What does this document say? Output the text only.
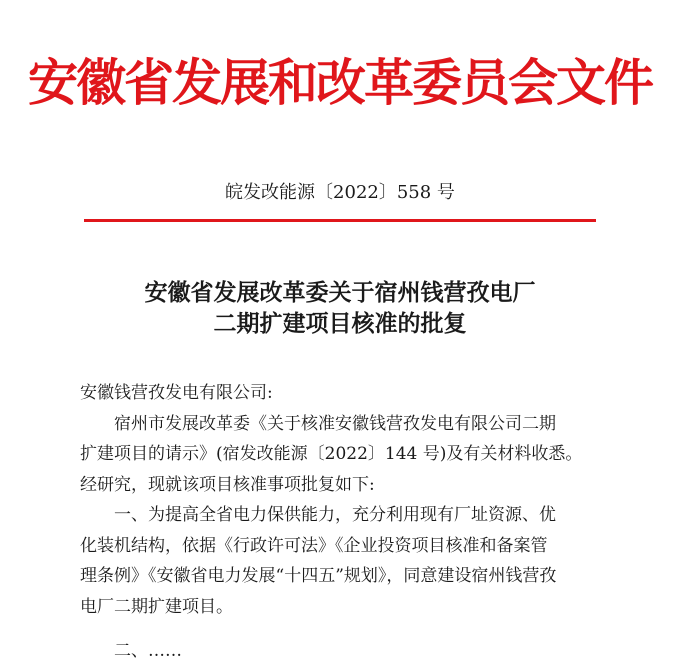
安徽省发展和改革委员会文件
皖发改能源〔2022〕558 号
安徽省发展改革委关于宿州钱营孜电厂
二期扩建项目核准的批复
安徽钱营孜发电有限公司:
宿州市发展改革委《关于核准安徽钱营孜发电有限公司二期
扩建项目的请示》(宿发改能源〔2022〕144 号)及有关材料收悉。
经研究，现就该项目核准事项批复如下:
一、为提高全省电力保供能力，充分利用现有厂址资源、优
化装机结构，依据《行政许可法》《企业投资项目核准和备案管
理条例》《安徽省电力发展“十四五”规划》，同意建设宿州钱营孜
电厂二期扩建项目。
二、……
